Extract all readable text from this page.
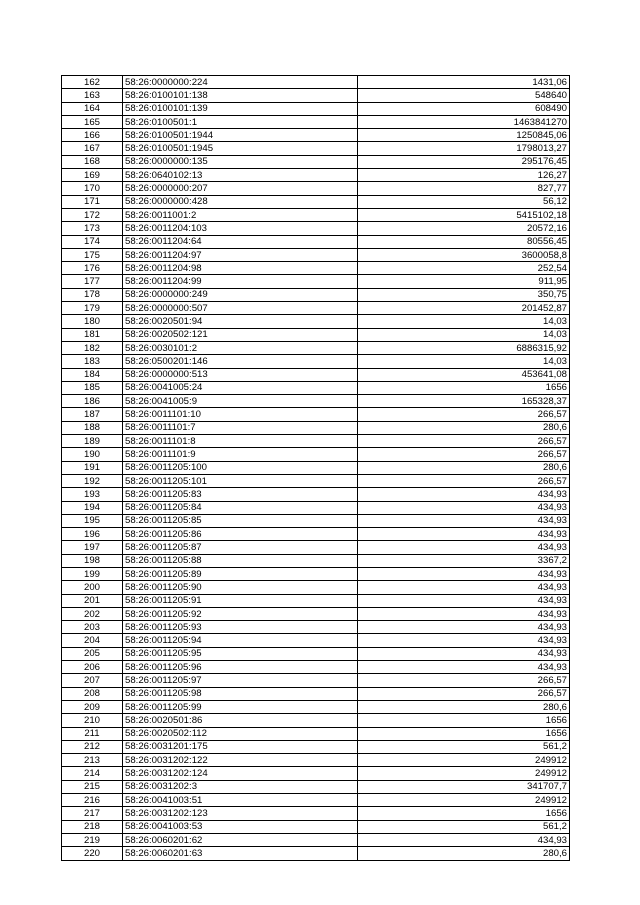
162	58:26:0000000:224	1431,06
163	58:26:0100101:138	548640
164	58:26:0100101:139	608490
165	58:26:0100501:1	1463841270
166	58:26:0100501:1944	1250845,06
167	58:26:0100501:1945	1798013,27
168	58:26:0000000:135	295176,45
169	58:26:0640102:13	126,27
170	58:26:0000000:207	827,77
171	58:26:0000000:428	56,12
172	58:26:0011001:2	5415102,18
173	58:26:0011204:103	20572,16
174	58:26:0011204:64	80556,45
175	58:26:0011204:97	3600058,8
176	58:26:0011204:98	252,54
177	58:26:0011204:99	911,95
178	58:26:0000000:249	350,75
179	58:26:0000000:507	201452,87
180	58:26:0020501:94	14,03
181	58:26:0020502:121	14,03
182	58:26:0030101:2	6886315,92
183	58:26:0500201:146	14,03
184	58:26:0000000:513	453641,08
185	58:26:0041005:24	1656
186	58:26:0041005:9	165328,37
187	58:26:0011101:10	266,57
188	58:26:0011101:7	280,6
189	58:26:0011101:8	266,57
190	58:26:0011101:9	266,57
191	58:26:0011205:100	280,6
192	58:26:0011205:101	266,57
193	58:26:0011205:83	434,93
194	58:26:0011205:84	434,93
195	58:26:0011205:85	434,93
196	58:26:0011205:86	434,93
197	58:26:0011205:87	434,93
198	58:26:0011205:88	3367,2
199	58:26:0011205:89	434,93
200	58:26:0011205:90	434,93
201	58:26:0011205:91	434,93
202	58:26:0011205:92	434,93
203	58:26:0011205:93	434,93
204	58:26:0011205:94	434,93
205	58:26:0011205:95	434,93
206	58:26:0011205:96	434,93
207	58:26:0011205:97	266,57
208	58:26:0011205:98	266,57
209	58:26:0011205:99	280,6
210	58:26:0020501:86	1656
211	58:26:0020502:112	1656
212	58:26:0031201:175	561,2
213	58:26:0031202:122	249912
214	58:26:0031202:124	249912
215	58:26:0031202:3	341707,7
216	58:26:0041003:51	249912
217	58:26:0031202:123	1656
218	58:26:0041003:53	561,2
219	58:26:0060201:62	434,93
220	58:26:0060201:63	280,6
